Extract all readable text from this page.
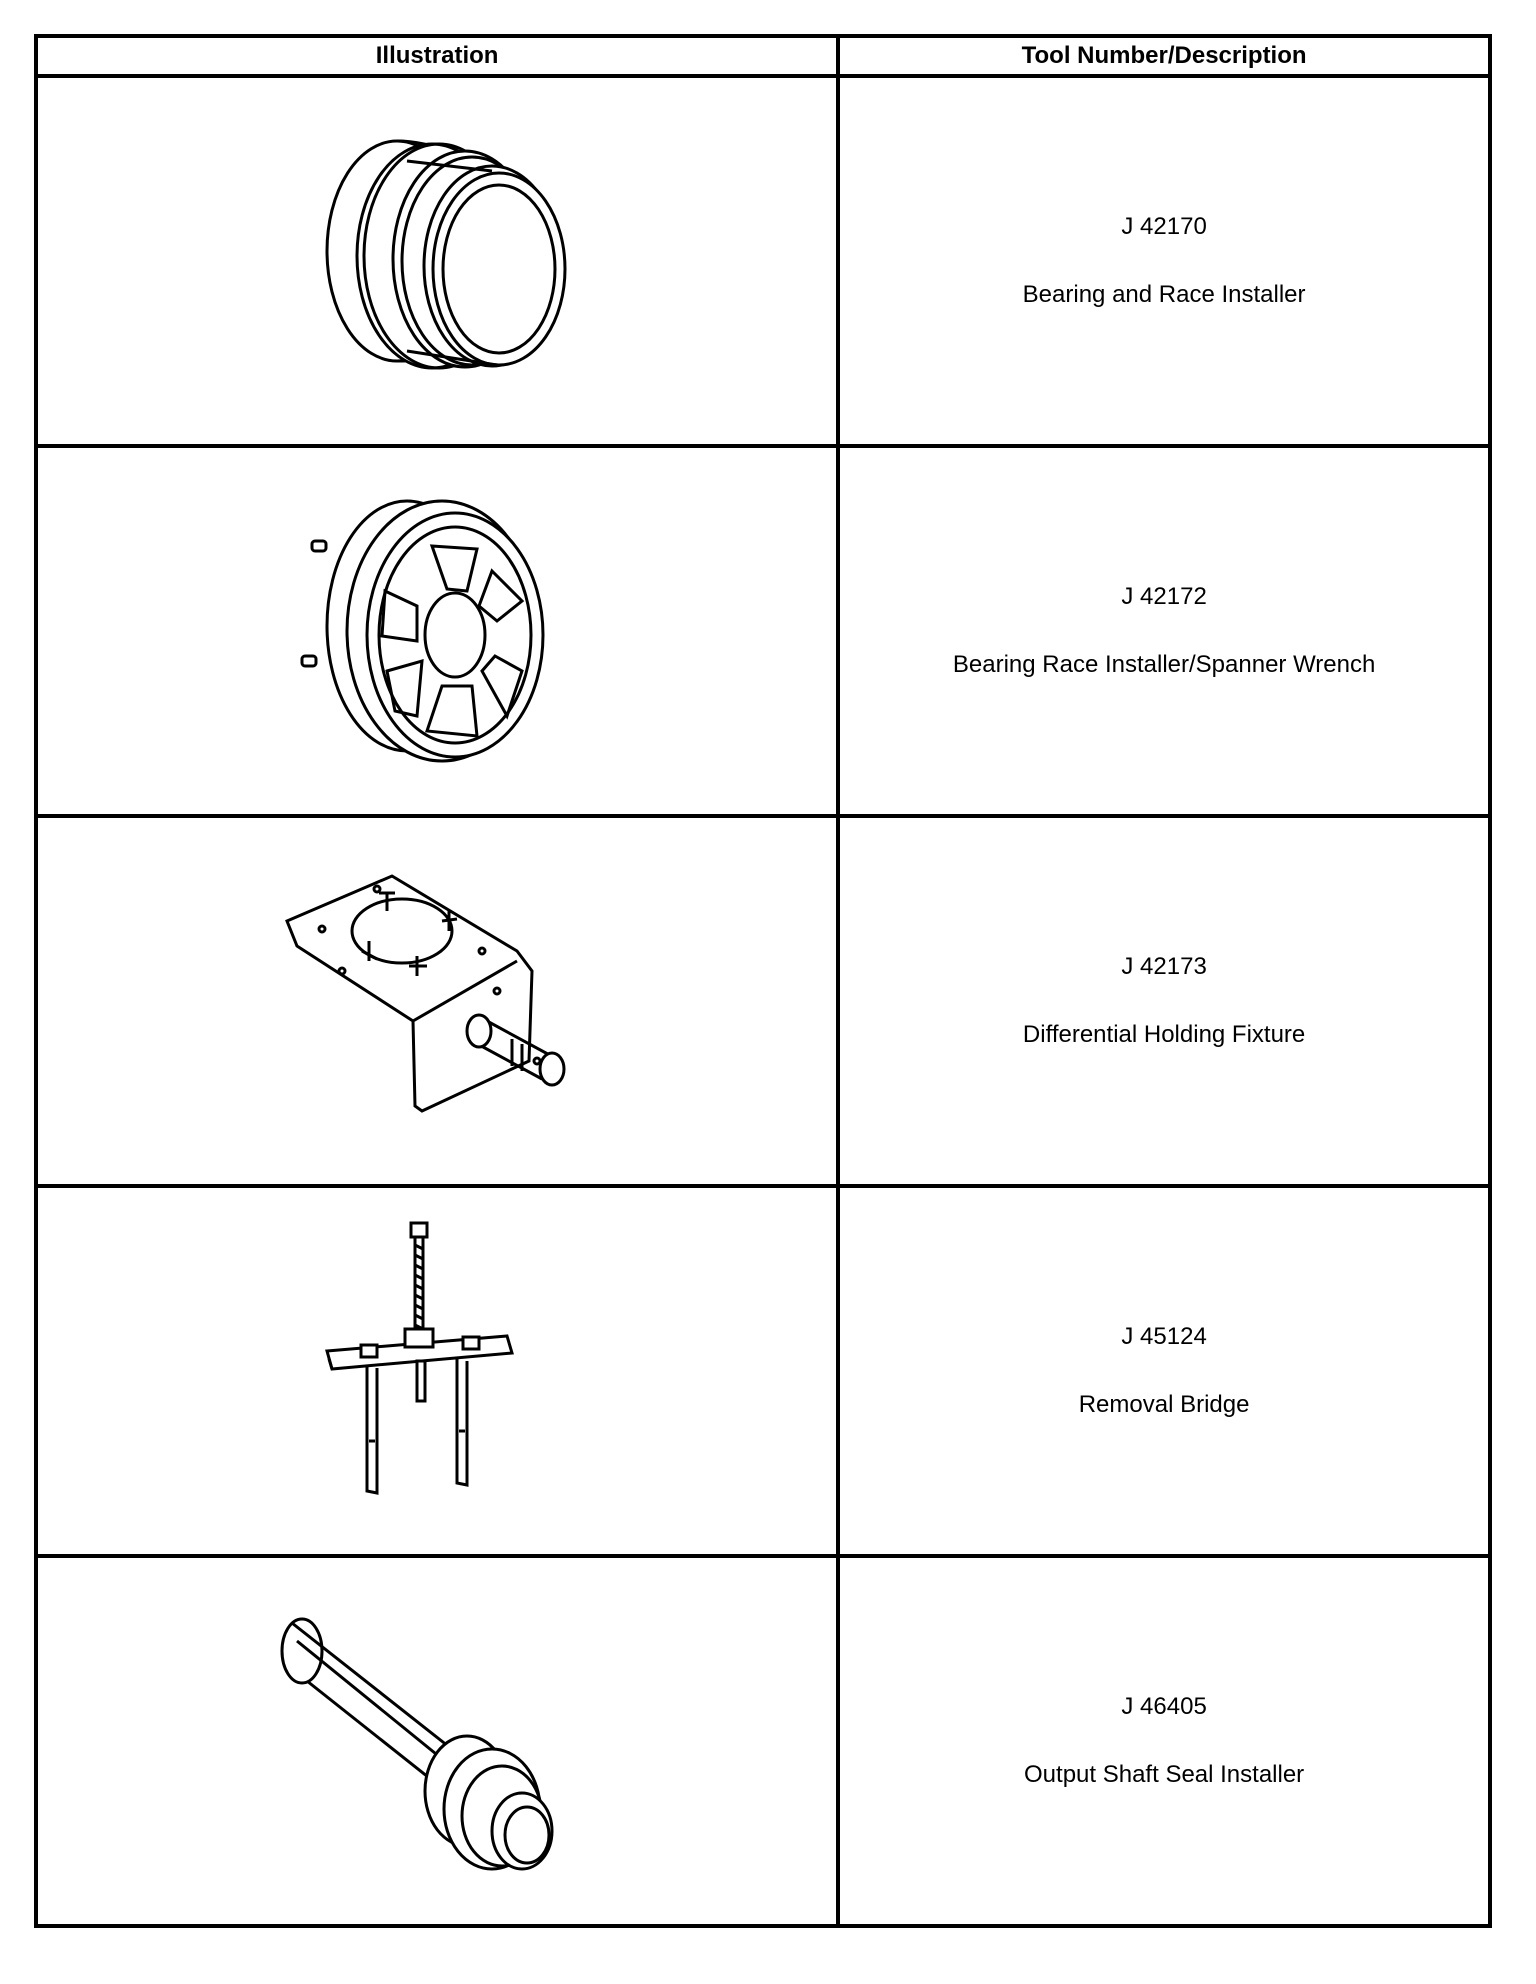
Illustration	Tool Number/Description

J 42170
Bearing and Race Installer

J 42172
Bearing Race Installer/Spanner Wrench

J 42173
Differential Holding Fixture

J 45124
Removal Bridge

J 46405
Output Shaft Seal Installer
